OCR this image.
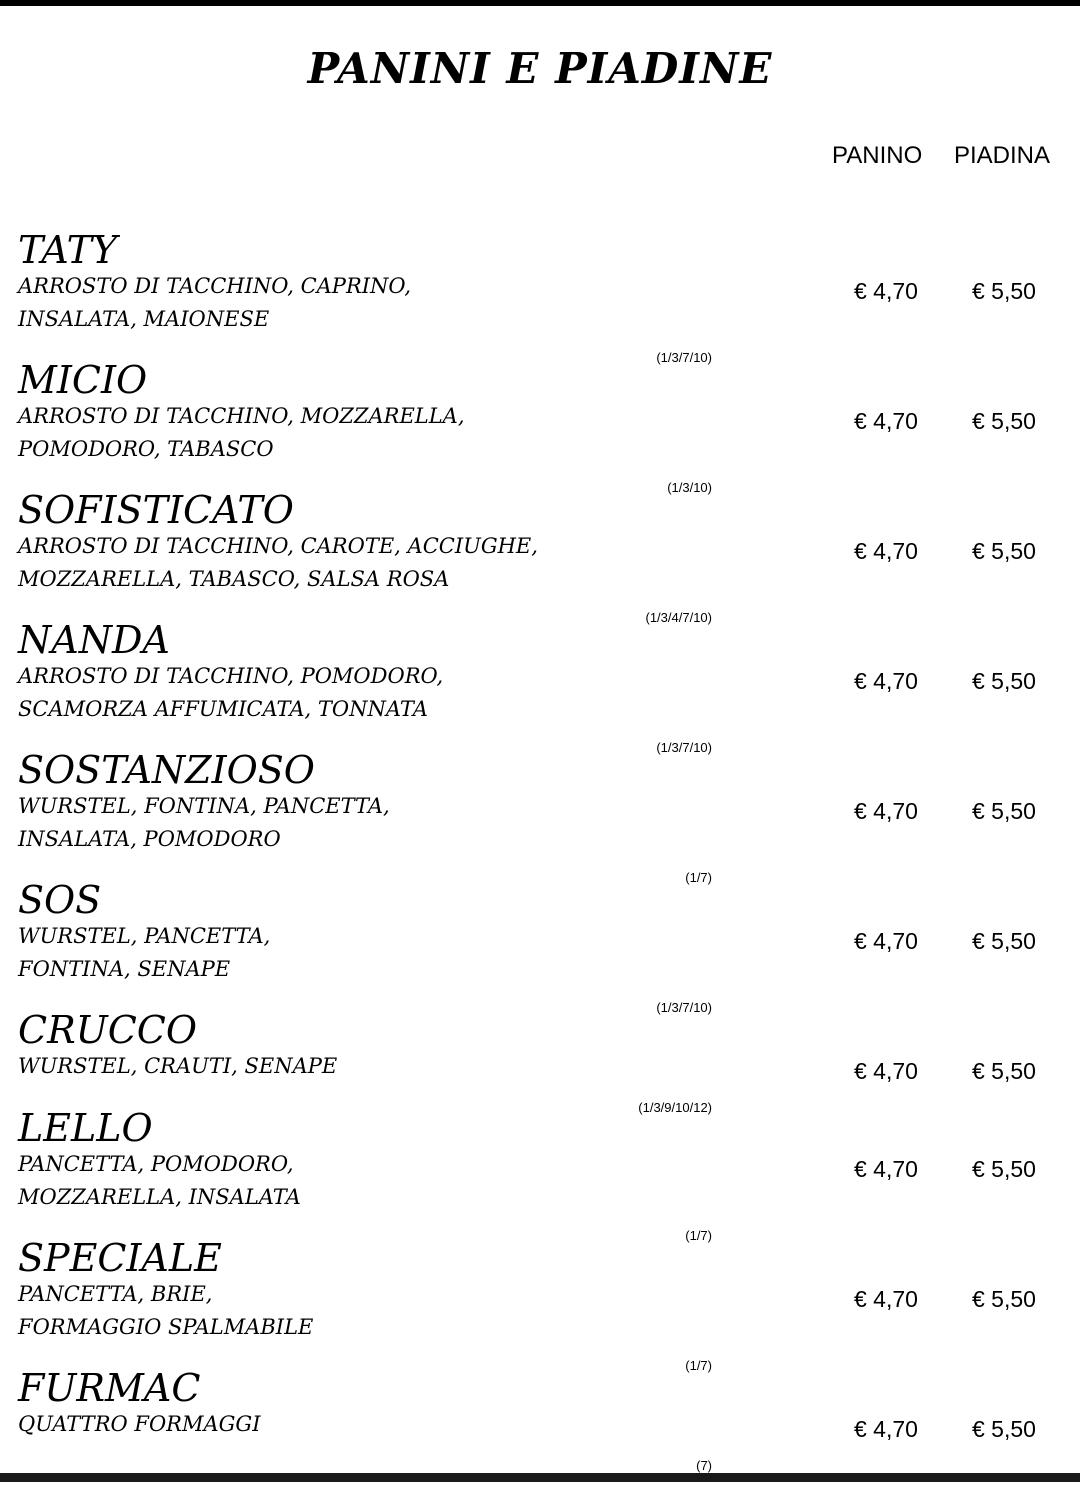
PANINI E PIADINE
PANINO PIADINA
TATY
ARROSTO DI TACCHINO, CAPRINO,
INSALATA, MAIONESE
€ 4,70 € 5,50
(1/3/7/10)
MICIO
ARROSTO DI TACCHINO, MOZZARELLA,
POMODORO, TABASCO
€ 4,70 € 5,50
(1/3/10)
SOFISTICATO
ARROSTO DI TACCHINO, CAROTE, ACCIUGHE,
MOZZARELLA, TABASCO, SALSA ROSA
€ 4,70 € 5,50
(1/3/4/7/10)
NANDA
ARROSTO DI TACCHINO, POMODORO,
SCAMORZA AFFUMICATA, TONNATA
€ 4,70 € 5,50
(1/3/7/10)
SOSTANZIOSO
WURSTEL, FONTINA, PANCETTA,
INSALATA, POMODORO
€ 4,70 € 5,50
(1/7)
SOS
WURSTEL, PANCETTA,
FONTINA, SENAPE
€ 4,70 € 5,50
(1/3/7/10)
CRUCCO
WURSTEL, CRAUTI, SENAPE	€ 4,70 € 5,50
(1/3/9/10/12)
LELLO
PANCETTA, POMODORO,
MOZZARELLA, INSALATA
€ 4,70 € 5,50
(1/7)
SPECIALE
PANCETTA, BRIE,
FORMAGGIO SPALMABILE
€ 4,70 € 5,50
(1/7)
FURMAC
QUATTRO FORMAGGI	€ 4,70 € 5,50
(7)
